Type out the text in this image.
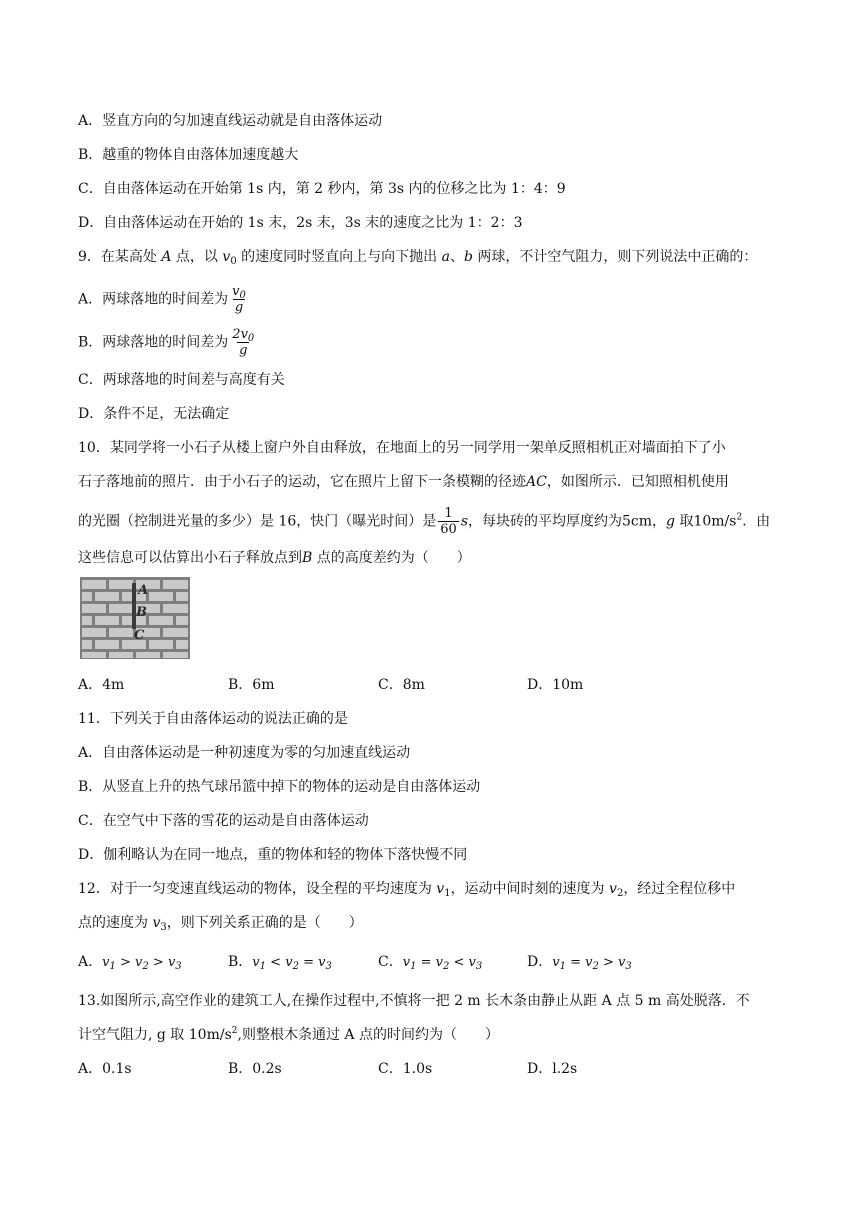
A．竖直方向的匀加速直线运动就是自由落体运动
B．越重的物体自由落体加速度越大
C．自由落体运动在开始第 1s 内，第 2 秒内，第 3s 内的位移之比为 1：4：9
D．自由落体运动在开始的 1s 末，2s 末，3s 末的速度之比为 1：2：3
9．在某高处 A 点，以 $v_0$ 的速度同时竖直向上与向下抛出 a、b 两球，不计空气阻力，则下列说法中正确的：
A．两球落地的时间差为 $\frac{v_0}{g}$
B．两球落地的时间差为 $\frac{2v_0}{g}$
C．两球落地的时间差与高度有关
D．条件不足，无法确定
10．某同学将一小石子从楼上窗户外自由释放，在地面上的另一同学用一架单反照相机正对墙面拍下了小
石子落地前的照片．由于小石子的运动，它在照片上留下一条模糊的径迹AC，如图所示．已知照相机使用
的光圈（控制进光量的多少）是 16，快门（曝光时间）是 $\frac{1}{60}$ s，每块砖的平均厚度约为5cm，g 取$10m/s^2$．由
这些信息可以估算出小石子释放点到B 点的高度差约为（　　）
A
B
C
A．4m	B．6m	C．8m	D．10m
11．下列关于自由落体运动的说法正确的是
A．自由落体运动是一种初速度为零的匀加速直线运动
B．从竖直上升的热气球吊篮中掉下的物体的运动是自由落体运动
C．在空气中下落的雪花的运动是自由落体运动
D．伽利略认为在同一地点，重的物体和轻的物体下落快慢不同
12．对于一匀变速直线运动的物体，设全程的平均速度为 $v_1$，运动中间时刻的速度为 $v_2$，经过全程位移中
点的速度为 $v_3$，则下列关系正确的是（　　）
A．$v_1 > v_2 > v_3$	B．$v_1 < v_2 = v_3$	C．$v_1 = v_2 < v_3$	D．$v_1 = v_2 > v_3$
13.如图所示,高空作业的建筑工人,在操作过程中,不慎将一把 2 m 长木条由静止从距 A 点 5 m 高处脱落．不
计空气阻力, g 取 $10m/s^2$,则整根木条通过 A 点的时间约为（　　）
A．0.1s	B．0.2s	C．1.0s	D．l.2s
